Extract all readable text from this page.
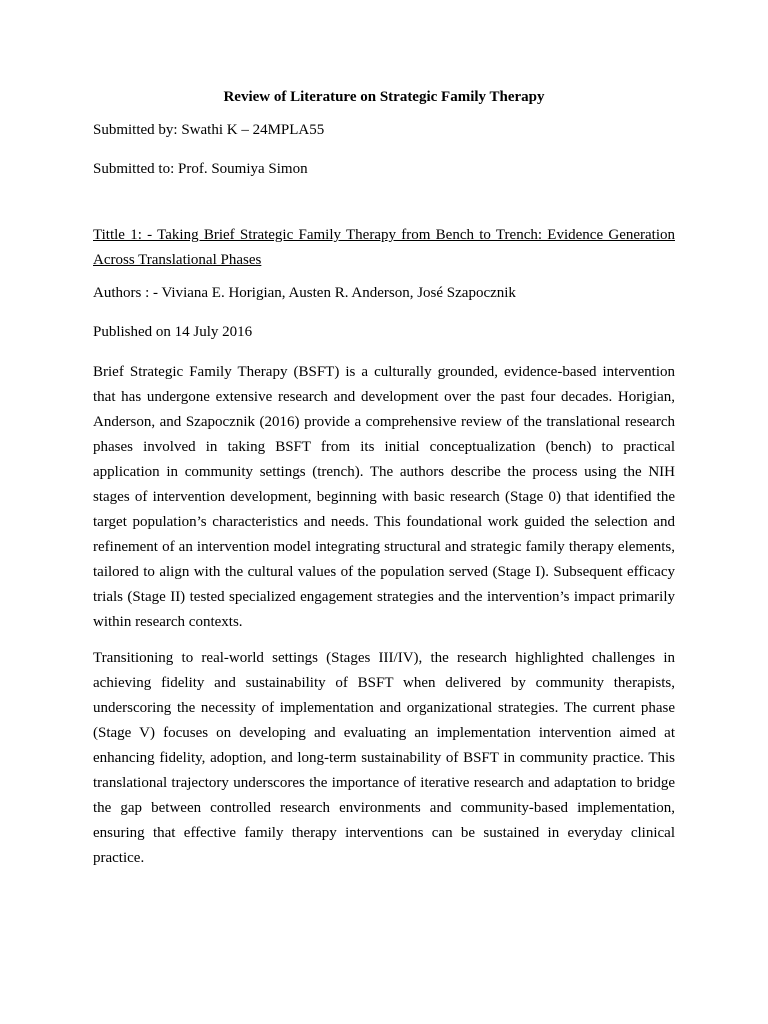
Review of Literature on Strategic Family Therapy
Submitted by: Swathi K – 24MPLA55
Submitted to: Prof. Soumiya Simon
Tittle 1: - Taking Brief Strategic Family Therapy from Bench to Trench: Evidence Generation Across Translational Phases
Authors : - Viviana E. Horigian, Austen R. Anderson, José Szapocznik
Published on 14 July 2016

Brief Strategic Family Therapy (BSFT) is a culturally grounded, evidence-based intervention that has undergone extensive research and development over the past four decades. Horigian, Anderson, and Szapocznik (2016) provide a comprehensive review of the translational research phases involved in taking BSFT from its initial conceptualization (bench) to practical application in community settings (trench). The authors describe the process using the NIH stages of intervention development, beginning with basic research (Stage 0) that identified the target population’s characteristics and needs. This foundational work guided the selection and refinement of an intervention model integrating structural and strategic family therapy elements, tailored to align with the cultural values of the population served (Stage I). Subsequent efficacy trials (Stage II) tested specialized engagement strategies and the intervention’s impact primarily within research contexts.

Transitioning to real-world settings (Stages III/IV), the research highlighted challenges in achieving fidelity and sustainability of BSFT when delivered by community therapists, underscoring the necessity of implementation and organizational strategies. The current phase (Stage V) focuses on developing and evaluating an implementation intervention aimed at enhancing fidelity, adoption, and long-term sustainability of BSFT in community practice. This translational trajectory underscores the importance of iterative research and adaptation to bridge the gap between controlled research environments and community-based implementation, ensuring that effective family therapy interventions can be sustained in everyday clinical practice.
